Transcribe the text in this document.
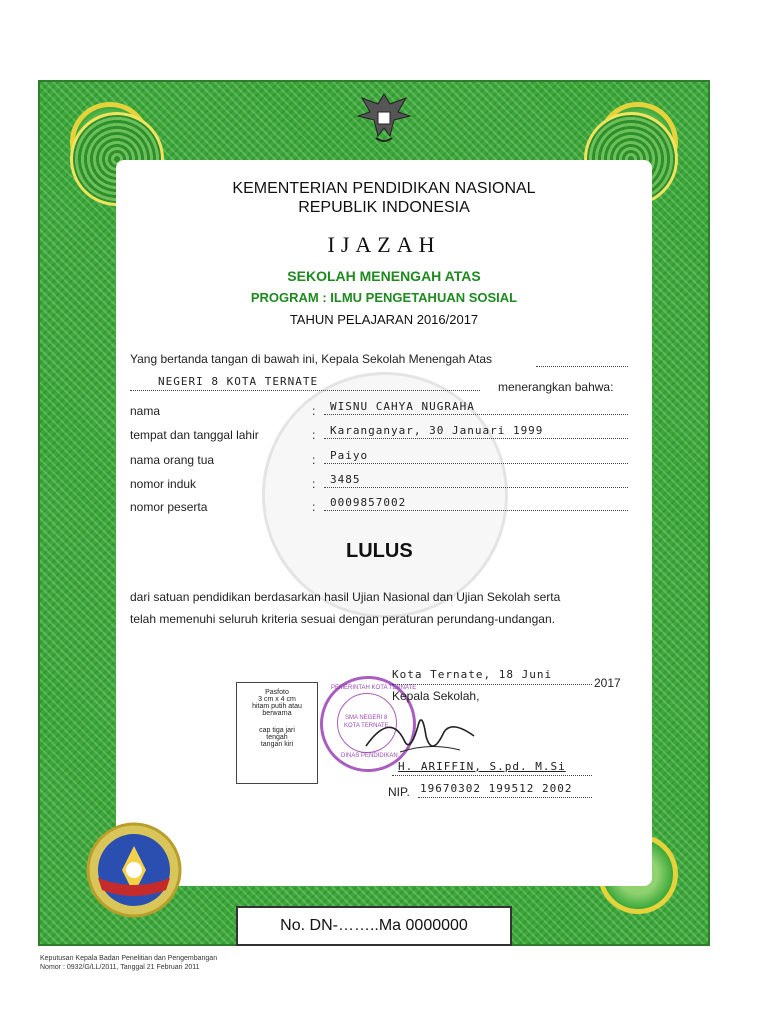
KEMENTERIAN PENDIDIKAN NASIONAL
REPUBLIK INDONESIA
IJAZAH
SEKOLAH MENENGAH ATAS
PROGRAM : ILMU PENGETAHUAN SOSIAL
TAHUN PELAJARAN 2016/2017
Yang bertanda tangan di bawah ini, Kepala Sekolah Menengah Atas
NEGERI 8 KOTA TERNATE	menerangkan bahwa:
nama	: WISNU CAHYA NUGRAHA
tempat dan tanggal lahir	: Karanganyar, 30 Januari 1999
nama orang tua	: Paiyo
nomor induk	: 3485
nomor peserta	: 0009857002
LULUS
dari satuan pendidikan berdasarkan hasil Ujian Nasional dan Ujian Sekolah serta
telah memenuhi seluruh kriteria sesuai dengan peraturan perundang-undangan.
Pasfoto
3 cm x 4 cm
hitam putih atau
berwarna
cap tiga jari
tengah
tangan kiri
PEMERINTAH KOTA TERNATE
SMA NEGERI 8
KOTA TERNATE
DINAS PENDIDIKAN
Kota Ternate, 18 Juni
2017
Kepala Sekolah,
H. ARIFFIN, S.pd. M.Si
NIP. 19670302 199512 2002
No. DN-……..Ma 0000000
Keputusan Kepala Badan Penelitian dan Pengembangan
Nomor : 0932/G/LL/2011, Tanggal 21 Februari 2011
